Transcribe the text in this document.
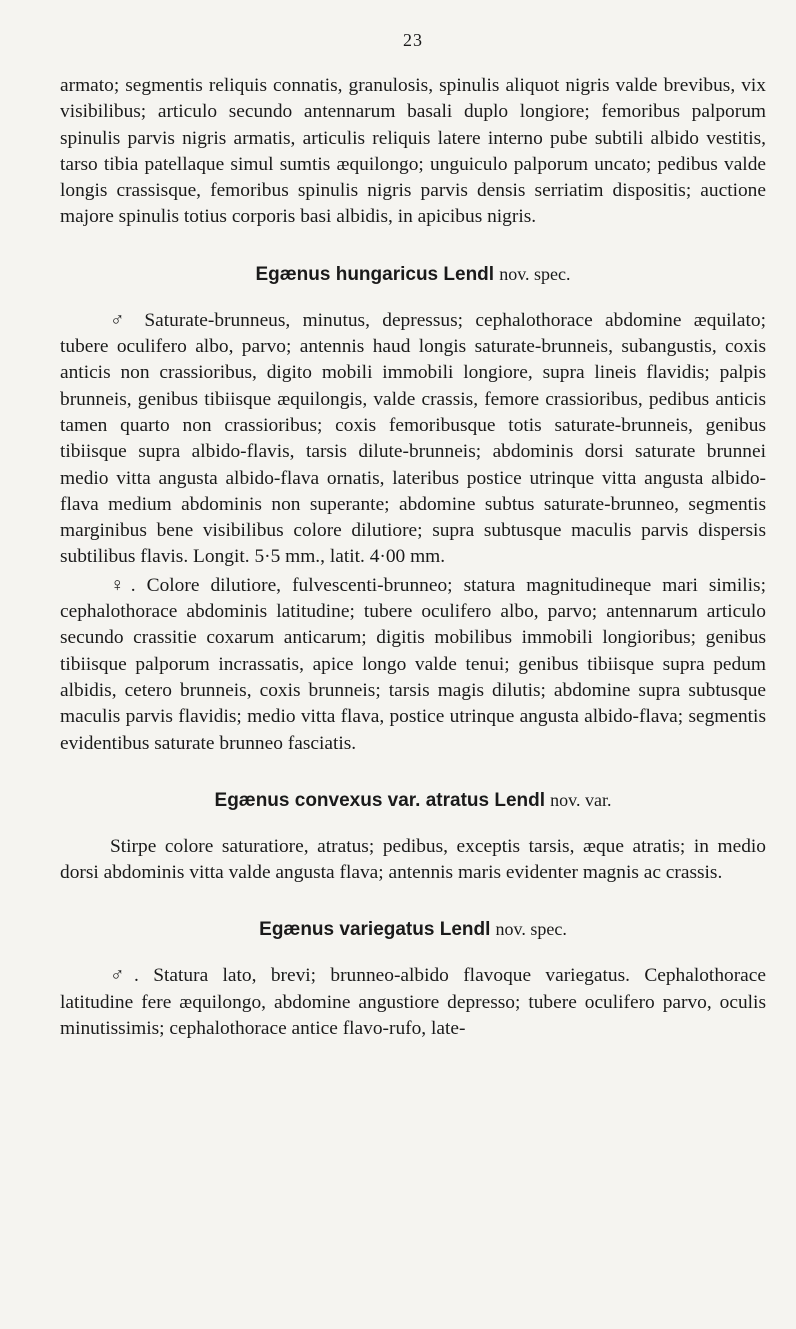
23

armato; segmentis reliquis connatis, granulosis, spinulis aliquot nigris valde brevibus, vix visibilibus; articulo secundo antennarum basali duplo longiore; femoribus palporum spinulis parvis nigris armatis, articulis reliquis latere interno pube subtili albido vestitis, tarso tibia patellaque simul sumtis æquilongo; unguiculo palporum uncato; pedibus valde longis crassisque, femoribus spinulis nigris parvis densis serriatim dispositis; auctione majore spinulis totius corporis basi albidis, in apicibus nigris.

Egænus hungaricus Lendl nov. spec.

♂ Saturate-brunneus, minutus, depressus; cephalothorace abdomine æquilato; tubere oculifero albo, parvo; antennis haud longis saturate-brunneis, subangustis, coxis anticis non crassioribus, digito mobili immobili longiore, supra lineis flavidis; palpis brunneis, genibus tibiisque æquilongis, valde crassis, femore crassioribus, pedibus anticis tamen quarto non crassioribus; coxis femoribusque totis saturate-brunneis, genibus tibiisque supra albido-flavis, tarsis dilute-brunneis; abdominis dorsi saturate brunnei medio vitta angusta albido-flava ornatis, lateribus postice utrinque vitta angusta albido-flava medium abdominis non superante; abdomine subtus saturate-brunneo, segmentis marginibus bene visibilibus colore dilutiore; supra subtusque maculis parvis dispersis subtilibus flavis. Longit. 5·5 mm., latit. 4·00 mm.

♀. Colore dilutiore, fulvescenti-brunneo; statura magnitudineque mari similis; cephalothorace abdominis latitudine; tubere oculifero albo, parvo; antennarum articulo secundo crassitie coxarum anticarum; digitis mobilibus immobili longioribus; genibus tibiisque palporum incrassatis, apice longo valde tenui; genibus tibiisque supra pedum albidis, cetero brunneis, coxis brunneis; tarsis magis dilutis; abdomine supra subtusque maculis parvis flavidis; medio vitta flava, postice utrinque angusta albido-flava; segmentis evidentibus saturate brunneo fasciatis.

Egænus convexus var. atratus Lendl nov. var.

Stirpe colore saturatiore, atratus; pedibus, exceptis tarsis, æque atratis; in medio dorsi abdominis vitta valde angusta flava; antennis maris evidenter magnis ac crassis.

Egænus variegatus Lendl nov. spec.

♂. Statura lato, brevi; brunneo-albido flavoque variegatus. Cephalothorace latitudine fere æquilongo, abdomine angustiore depresso; tubere oculifero parvo, oculis minutissimis; cephalothorace antice flavo-rufo, late-
